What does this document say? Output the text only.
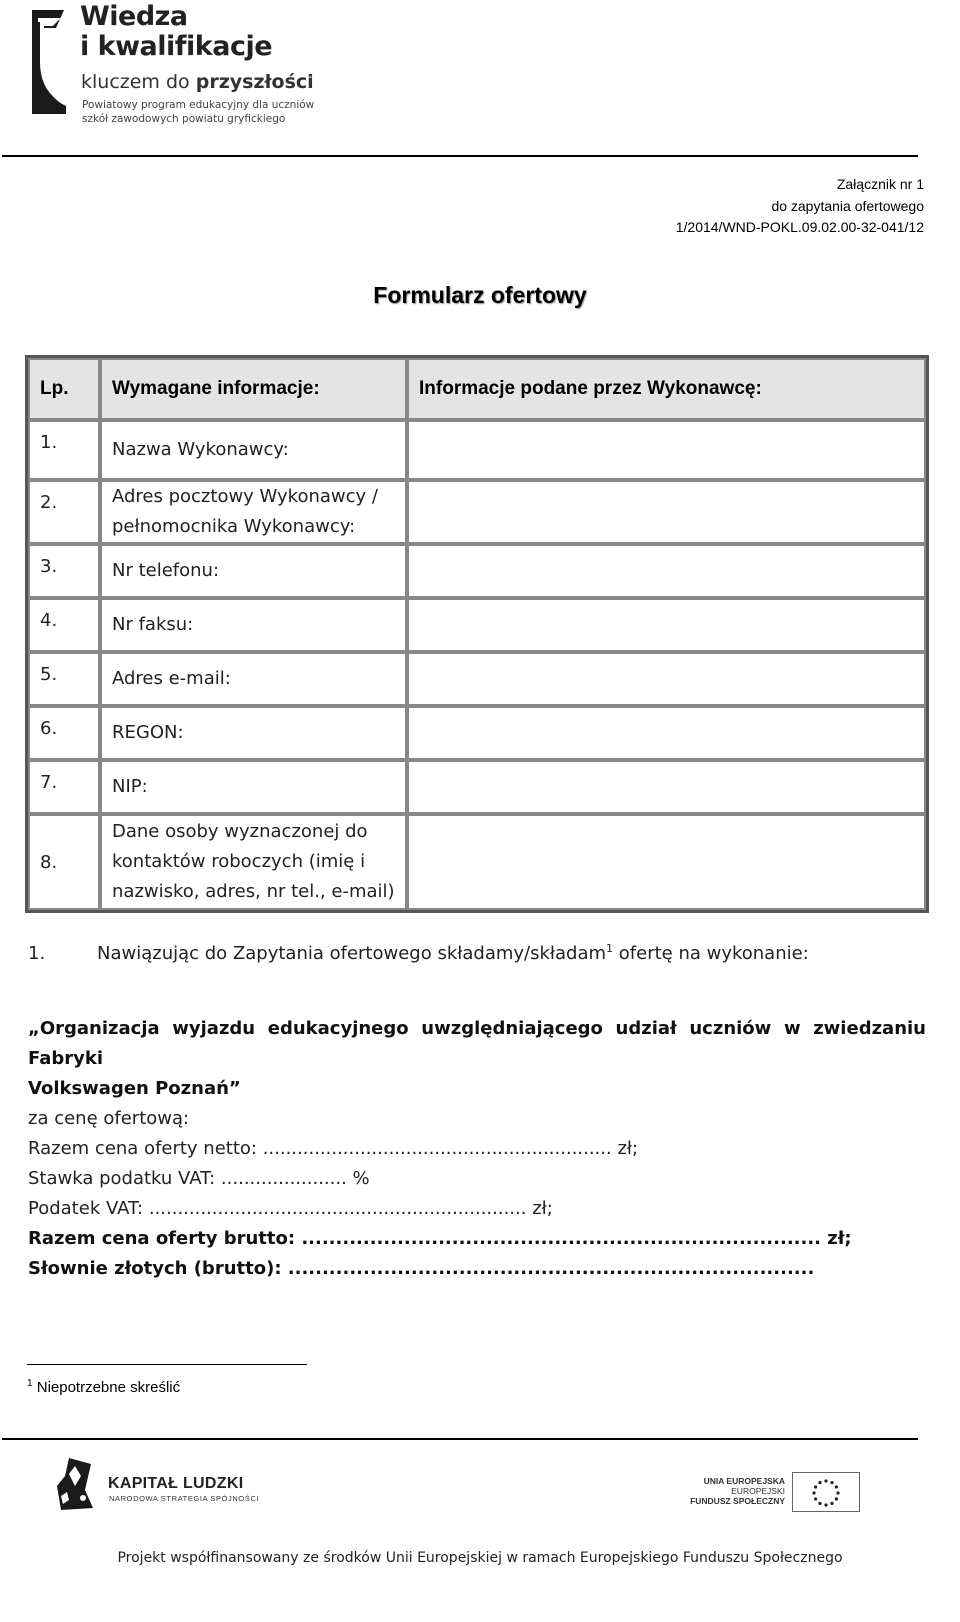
Wiedza
i kwalifikacje
kluczem do przyszłości
Powiatowy program edukacyjny dla uczniów
szkół zawodowych powiatu gryfickiego
Załącznik nr 1
do zapytania ofertowego
1/2014/WND-POKL.09.02.00-32-041/12
Formularz ofertowy
Lp.	Wymagane informacje:	Informacje podane przez Wykonawcę:
1.	Nazwa Wykonawcy:	
2.	Adres pocztowy Wykonawcy / pełnomocnika Wykonawcy:	
3.	Nr telefonu:	
4.	Nr faksu:	
5.	Adres e-mail:	
6.	REGON:	
7.	NIP:	
8.	Dane osoby wyznaczonej do kontaktów roboczych (imię i nazwisko, adres, nr tel., e-mail)	
1.	Nawiązując do Zapytania ofertowego składamy/składam$^1$ ofertę na wykonanie:
„Organizacja wyjazdu edukacyjnego uwzględniającego udział uczniów w zwiedzaniu Fabryki
Volkswagen Poznań”
za cenę ofertową:
Razem cena oferty netto: ............................................................. zł;
Stawka podatku VAT: ...................... %
Podatek VAT: .................................................................. zł;
Razem cena oferty brutto: ............................................................................ zł;
Słownie złotych (brutto): .............................................................................
$^1$ Niepotrzebne skreślić
KAPITAŁ LUDZKI
NARODOWA STRATEGIA SPÓJNOŚCI
UNIA EUROPEJSKA
EUROPEJSKI
FUNDUSZ SPOŁECZNY
Projekt współfinansowany ze środków Unii Europejskiej w ramach Europejskiego Funduszu Społecznego
